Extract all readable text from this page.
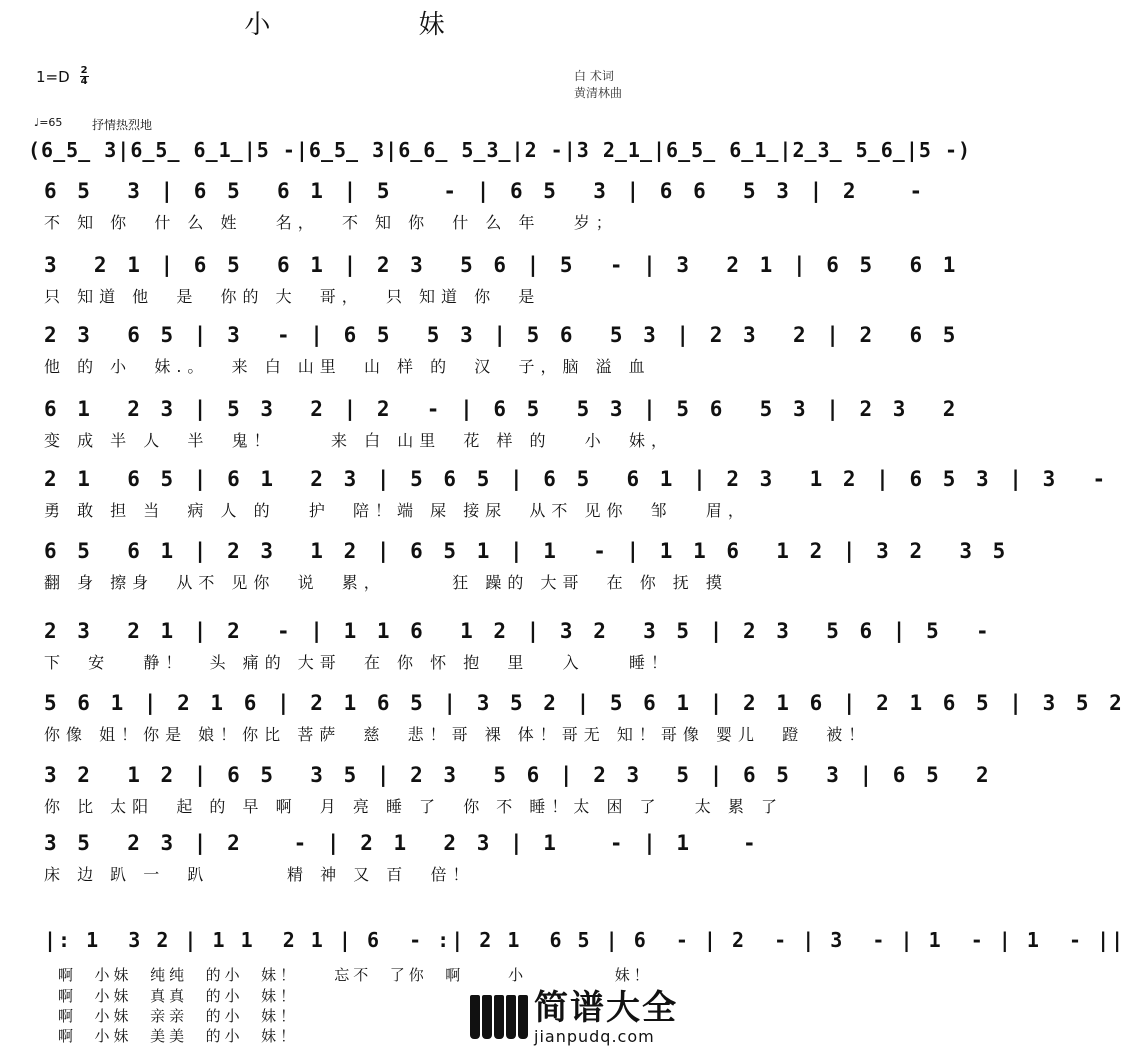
小 妹
$1=D \frac{2}{4}$	白 术词
黄清林曲
♩=65 抒情热烈地
(6̲5̲ 3|6̲5̲ 6̲1̲|5 -|6̲5̲ 3|6̲6̲ 5̲3̲|2 -|3 2̲1̲|6̲5̲ 6̲1̲|2̲3̲ 5̲6̲|5 -)
6 5  3 | 6 5  6 1 | 5   - | 6 5  3 | 6 6  5 3 | 2   -
不 知 你  什 么 姓   名，  不 知 你  什 么 年   岁；
3  2 1 | 6 5  6 1 | 2 3  5 6 | 5  - | 3  2 1 | 6 5  6 1
只 知道 他  是  你的 大  哥，  只 知道 你  是
2 3  6 5 | 3  - | 6 5  5 3 | 5 6  5 3 | 2 3  2 | 2  6 5
他 的 小  妹.。  来 白 山里  山 样 的  汉  子，脑 溢 血
6 1  2 3 | 5 3  2 | 2  - | 6 5  5 3 | 5 6  5 3 | 2 3  2
变 成 半 人  半  鬼！     来 白 山里  花 样 的   小  妹，
2 1  6 5 | 6 1  2 3 | 5 6 5 | 6 5  6 1 | 2 3  1 2 | 6 5 3 | 3  -
勇 敢 担 当  病 人 的   护  陪！端 屎 接尿  从不 见你  邹   眉，
6 5  6 1 | 2 3  1 2 | 6 5 1 | 1  - | 1 1 6  1 2 | 3 2  3 5
翻 身 擦身  从不 见你  说  累，      狂 躁的 大哥  在 你 抚 摸
2 3  2 1 | 2  - | 1 1 6  1 2 | 3 2  3 5 | 2 3  5 6 | 5  -
下  安   静！  头 痛的 大哥  在 你 怀 抱  里   入    睡！
5 6 1 | 2 1 6 | 2 1 6 5 | 3 5 2 | 5 6 1 | 2 1 6 | 2 1 6 5 | 3 5 2
你像 姐！你是 娘！你比 菩萨  慈  悲！哥 裸 体！哥无 知！哥像 婴儿  蹬  被！
3 2  1 2 | 6 5  3 5 | 2 3  5 6 | 2 3  5 | 6 5  3 | 6 5  2
你 比 太阳  起 的 早 啊  月 亮 睡 了  你 不 睡！太 困 了   太 累 了
3 5  2 3 | 2   - | 2 1  2 3 | 1   - | 1   -
床 边 趴 一  趴       精 神 又 百  倍！
|: 1  3 2 | 1 1  2 1 | 6  - :| 2 1  6 5 | 6  - | 2  - | 3  - | 1  - | 1  - ||
啊  小妹  纯纯  的小  妹！    忘不  了你  啊     小          妹！
啊  小妹  真真  的小  妹！
啊  小妹  亲亲  的小  妹！
啊  小妹  美美  的小  妹！
简谱大全
jianpudq.com
